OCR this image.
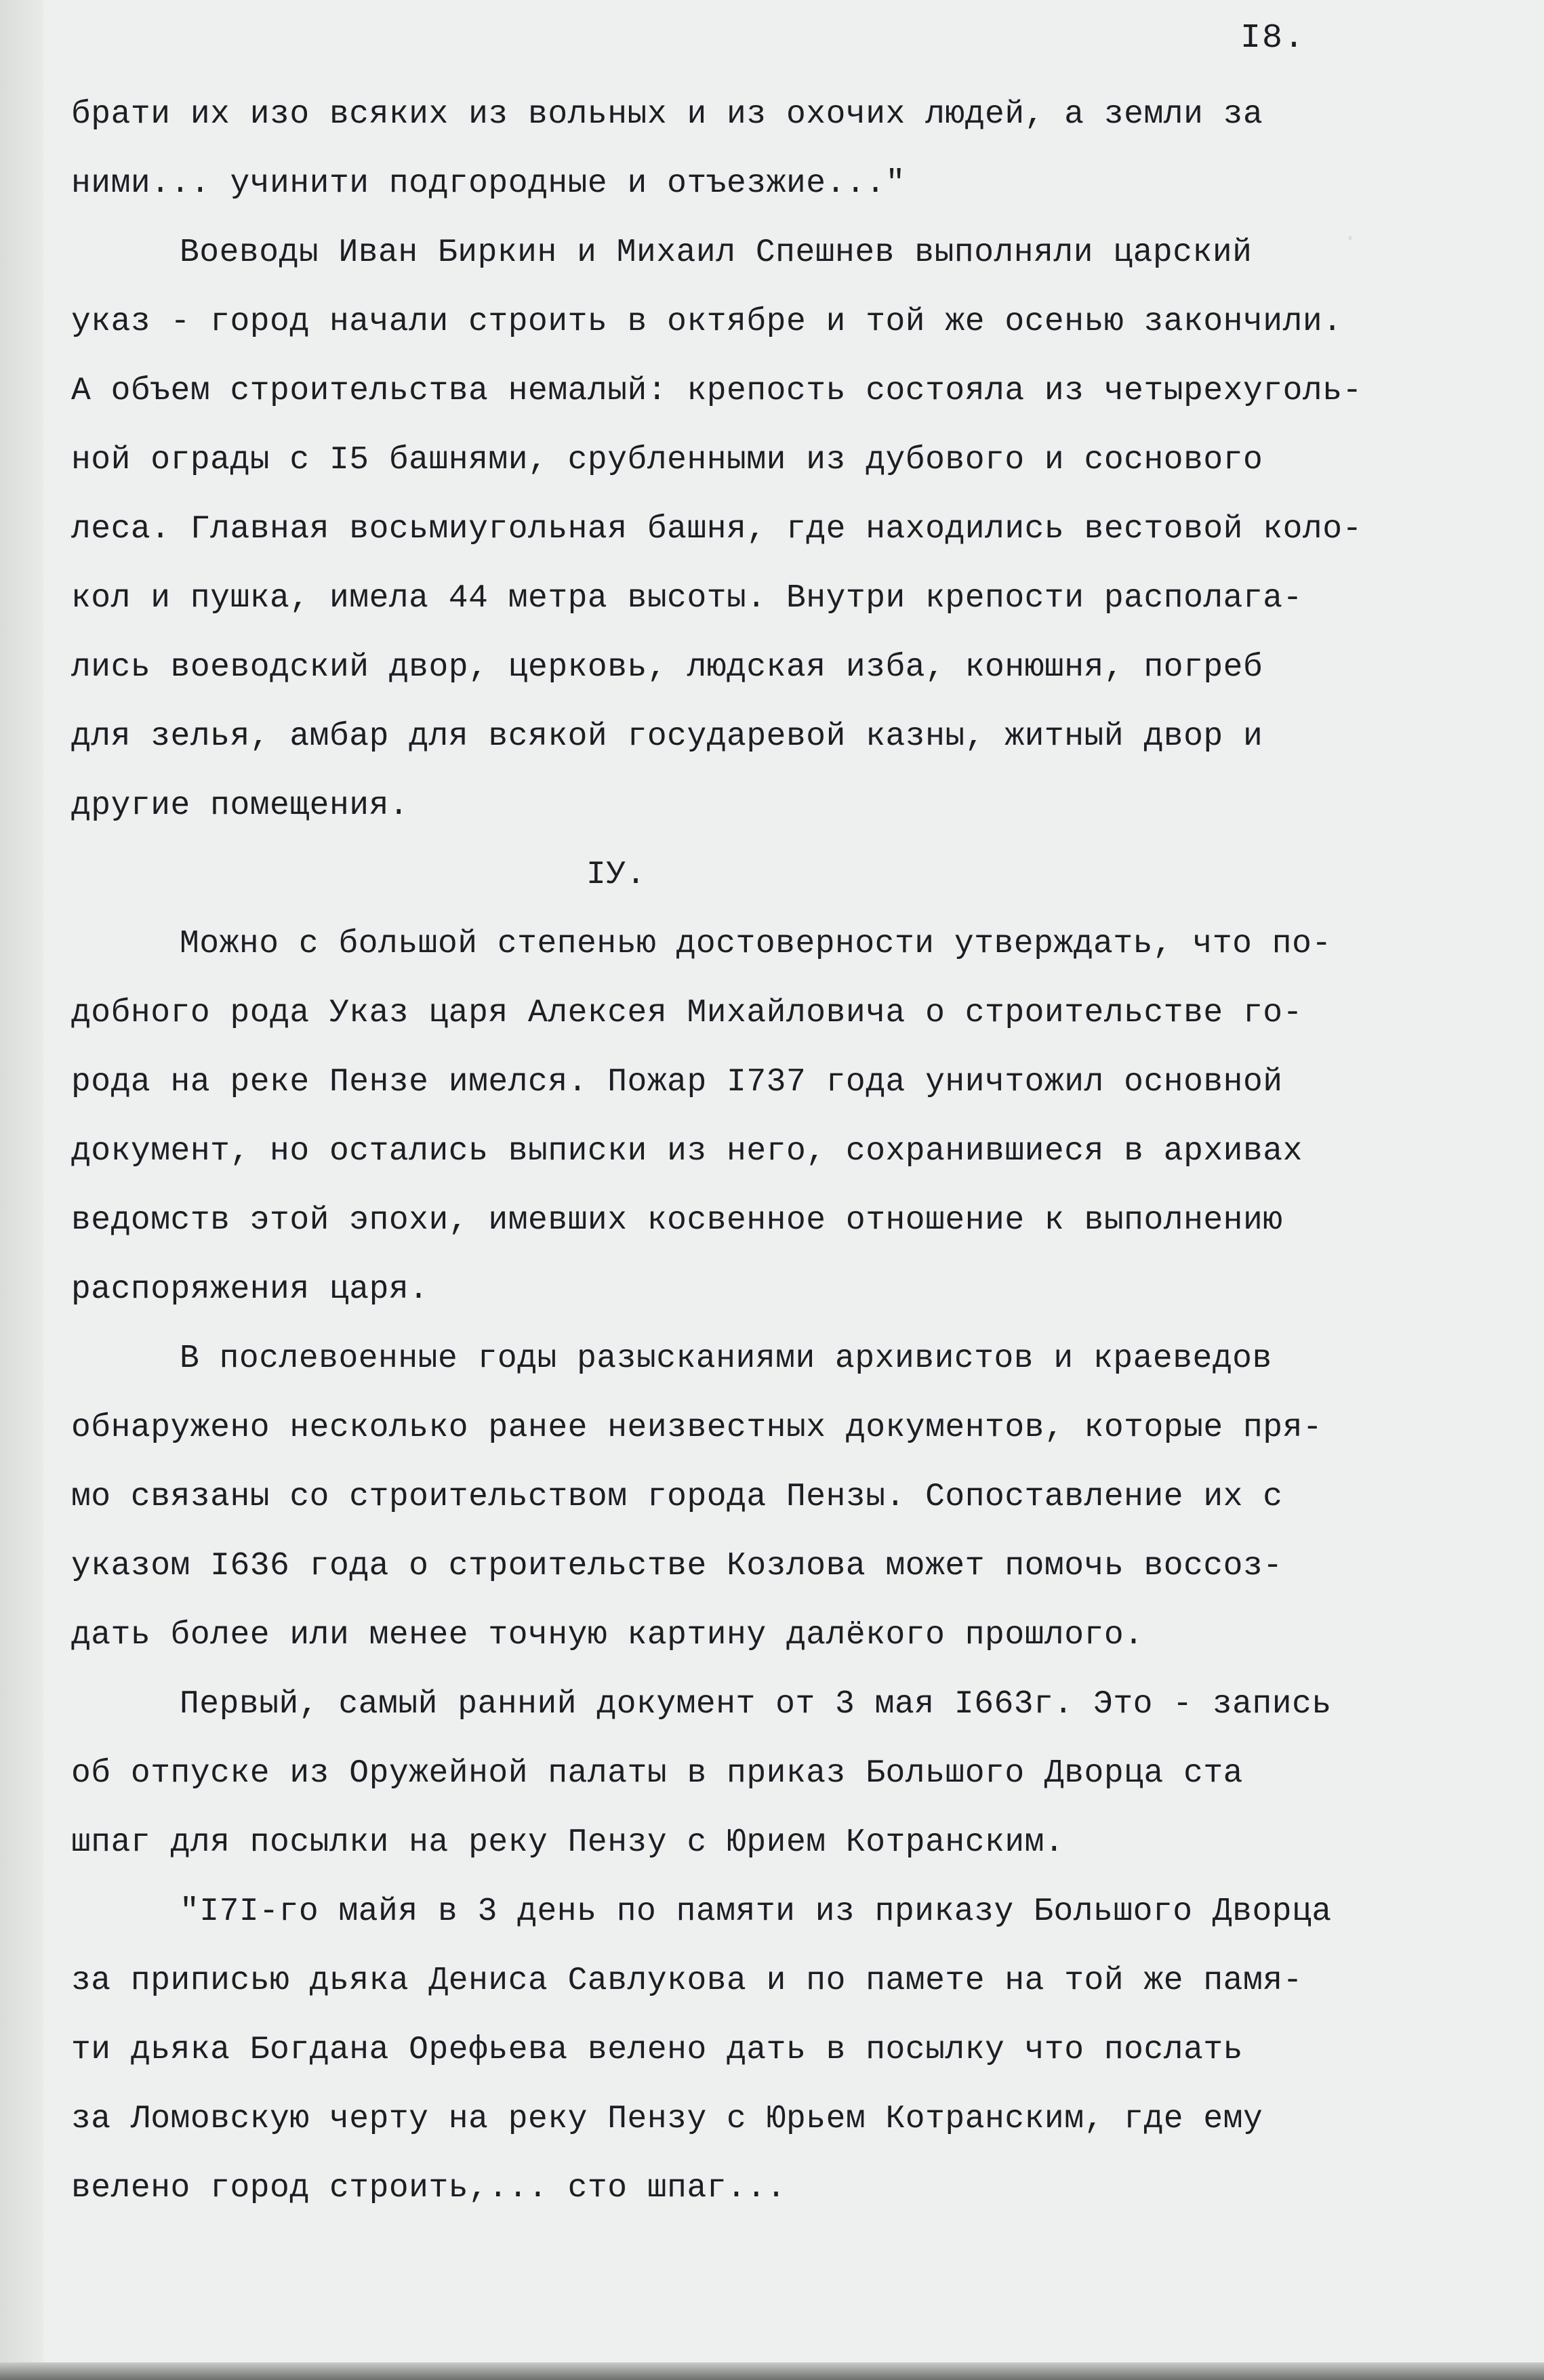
·
I8.
брати их изо всяких из вольных и из охочих людей, а земли за
ними... учинити подгородные и отъезжие..."
Воеводы Иван Биркин и Михаил Спешнев выполняли царский
указ - город начали строить в октябре и той же осенью закончили.
А объем строительства немалый: крепость состояла из четырехуголь-
ной ограды с I5 башнями, срубленными из дубового и соснового
леса. Главная восьмиугольная башня, где находились вестовой коло-
кол и пушка, имела 44 метра высоты. Внутри крепости располага-
лись воеводский двор, церковь, людская изба, конюшня, погреб
для зелья, амбар для всякой государевой казны, житный двор и
другие помещения.
IУ.
Можно с большой степенью достоверности утверждать, что по-
добного рода Указ царя Алексея Михайловича о строительстве го-
рода на реке Пензе имелся. Пожар I737 года уничтожил основной
документ, но остались выписки из него, сохранившиеся в архивах
ведомств этой эпохи, имевших косвенное отношение к выполнению
распоряжения царя.
В послевоенные годы разысканиями архивистов и краеведов
обнаружено несколько ранее неизвестных документов, которые пря-
мо связаны со строительством города Пензы. Сопоставление их с
указом I636 года о строительстве Козлова может помочь воссоз-
дать более или менее точную картину далёкого прошлого.
Первый, самый ранний документ от 3 мая I663г. Это - запись
об отпуске из Оружейной палаты в приказ Большого Дворца ста
шпаг для посылки на реку Пензу с Юрием Котранским.
"I7I-го майя в 3 день по памяти из приказу Большого Дворца
за приписью дьяка Дениса Савлукова и по памете на той же памя-
ти дьяка Богдана Орефьева велено дать в посылку что послать
за Ломовскую черту на реку Пензу с Юрьем Котранским, где ему
велено город строить,... сто шпаг...
